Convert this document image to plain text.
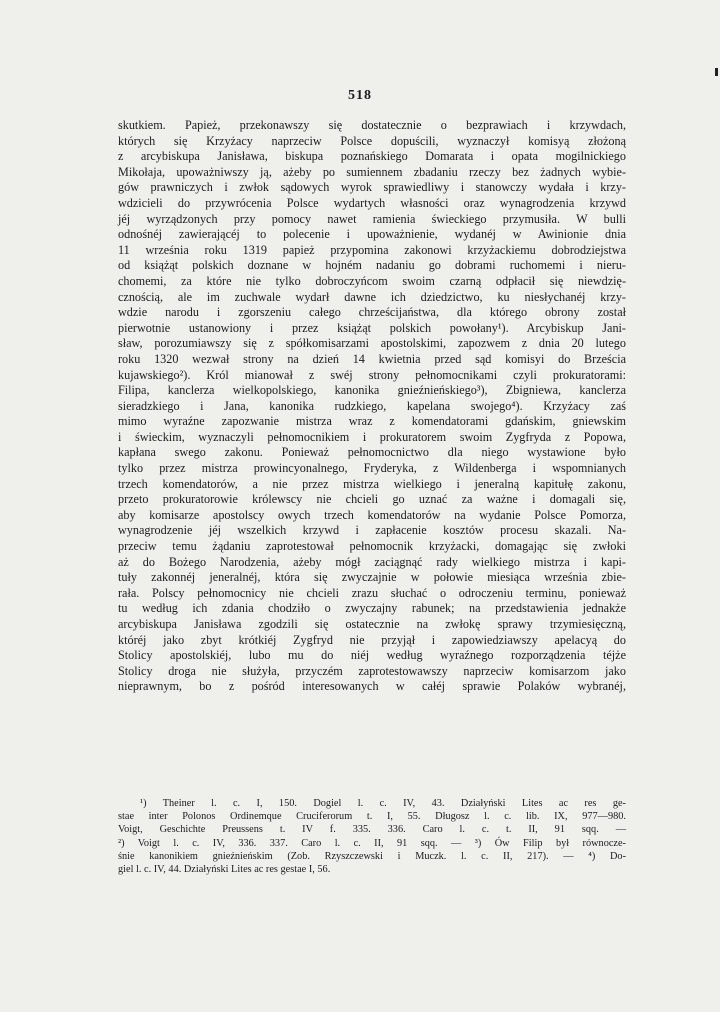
518
skutkiem. Papież, przekonawszy się dostatecznie o bezprawiach i krzywdach,
których się Krzyżacy naprzeciw Polsce dopuścili, wyznaczył komisyą złożoną
z arcybiskupa Janisława, biskupa poznańskiego Domarata i opata mogilnickiego
Mikołaja, upoważniwszy ją, ażeby po sumiennem zbadaniu rzeczy bez żadnych wybie-
gów prawniczych i zwłok sądowych wyrok sprawiedliwy i stanowczy wydała i krzy-
wdzicieli do przywrócenia Polsce wydartych własności oraz wynagrodzenia krzywd
jéj wyrządzonych przy pomocy nawet ramienia świeckiego przymusiła. W bulli
odnośnéj zawierającéj to polecenie i upoważnienie, wydanéj w Awinionie dnia
11 września roku 1319 papież przypomina zakonowi krzyżackiemu dobrodziejstwa
od książąt polskich doznane w hojném nadaniu go dobrami ruchomemi i nieru-
chomemi, za które nie tylko dobroczyńcom swoim czarną odpłacił się niewdzię-
cznością, ale im zuchwale wydarł dawne ich dziedzictwo, ku niesłychanéj krzy-
wdzie narodu i zgorszeniu całego chrześcijaństwa, dla którego obrony został
pierwotnie ustanowiony i przez książąt polskich powołany¹). Arcybiskup Jani-
sław, porozumiawszy się z spółkomisarzami apostolskimi, zapozwem z dnia 20 lutego
roku 1320 wezwał strony na dzień 14 kwietnia przed sąd komisyi do Brześcia
kujawskiego²). Król mianował z swéj strony pełnomocnikami czyli prokuratorami:
Filipa, kanclerza wielkopolskiego, kanonika gnieźnieńskiego³), Zbigniewa, kanclerza
sieradzkiego i Jana, kanonika rudzkiego, kapelana swojego⁴). Krzyżacy zaś
mimo wyraźne zapozwanie mistrza wraz z komendatorami gdańskim, gniewskim
i świeckim, wyznaczyli pełnomocnikiem i prokuratorem swoim Zygfryda z Popowa,
kapłana swego zakonu. Ponieważ pełnomocnictwo dla niego wystawione było
tylko przez mistrza prowincyonalnego, Fryderyka, z Wildenberga i wspomnianych
trzech komendatorów, a nie przez mistrza wielkiego i jeneralną kapitułę zakonu,
przeto prokuratorowie królewscy nie chcieli go uznać za ważne i domagali się,
aby komisarze apostolscy owych trzech komendatorów na wydanie Polsce Pomorza,
wynagrodzenie jéj wszelkich krzywd i zapłacenie kosztów procesu skazali. Na-
przeciw temu żądaniu zaprotestował pełnomocnik krzyżacki, domagając się zwłoki
aż do Bożego Narodzenia, ażeby mógł zaciągnąć rady wielkiego mistrza i kapi-
tuły zakonnéj jeneralnéj, która się zwyczajnie w połowie miesiąca września zbie-
rała. Polscy pełnomocnicy nie chcieli zrazu słuchać o odroczeniu terminu, ponieważ
tu według ich zdania chodziło o zwyczajny rabunek; na przedstawienia jednakże
arcybiskupa Janisława zgodzili się ostatecznie na zwłokę sprawy trzymiesięczną,
któréj jako zbyt krótkiéj Zygfryd nie przyjął i zapowiedziawszy apelacyą do
Stolicy apostolskiéj, lubo mu do niéj według wyraźnego rozporządzenia téjże
Stolicy droga nie służyła, przyczém zaprotestowawszy naprzeciw komisarzom jako
nieprawnym, bo z pośród interesowanych w całéj sprawie Polaków wybranéj,
¹) Theiner l. c. I, 150. Dogiel l. c. IV, 43. Działyński Lites ac res ge-
stae inter Polonos Ordinemque Cruciferorum t. I, 55. Długosz l. c. lib. IX, 977—980.
Voigt, Geschichte Preussens t. IV f. 335. 336. Caro l. c. t. II, 91 sqq. —
²) Voigt l. c. IV, 336. 337. Caro l. c. II, 91 sqq. — ³) Ów Filip był równocze-
śnie kanonikiem gnieźnieńskim (Zob. Rzyszczewski i Muczk. l. c. II, 217). — ⁴) Do-
giel l. c. IV, 44. Działyński Lites ac res gestae I, 56.
